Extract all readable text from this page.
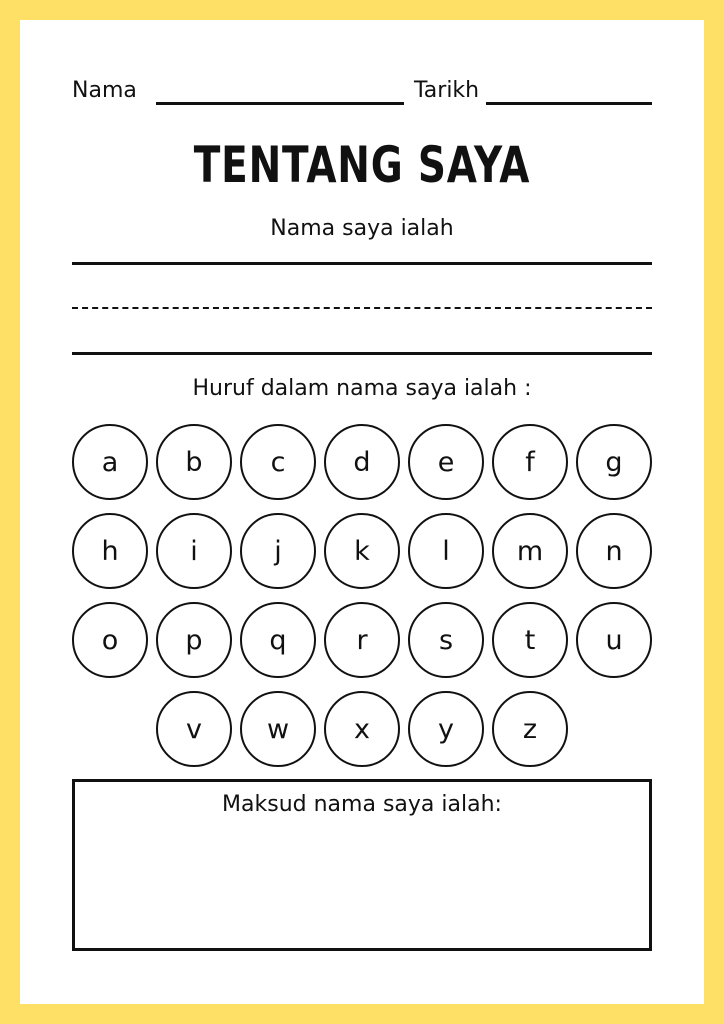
Nama	Tarikh
TENTANG SAYA
Nama saya ialah
Huruf dalam nama saya ialah :
a	b	c	d	e	f	g
h	i	j	k	l	m	n
o	p	q	r	s	t	u
v	w	x	y	z
Maksud nama saya ialah:
